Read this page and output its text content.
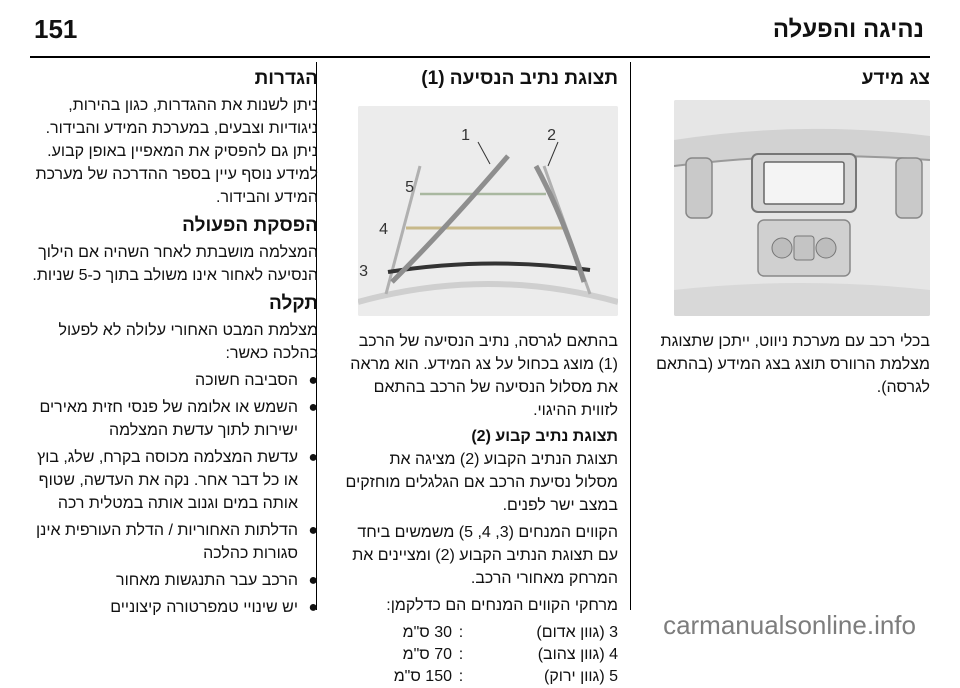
151	נהיגה והפעלה
צג מידע
בכלי רכב עם מערכת ניווט, ייתכן שתצוגת מצלמת הרוורס תוצג בצג המידע (בהתאם לגרסה).
תצוגת נתיב הנסיעה (1)
1	2
3
4
5
בהתאם לגרסה, נתיב הנסיעה של הרכב (1) מוצג בכחול על צג המידע. הוא מראה את מסלול הנסיעה של הרכב בהתאם לזווית ההיגוי.
תצוגת נתיב קבוע (2)
תצוגת הנתיב הקבוע (2) מציגה את מסלול נסיעת הרכב אם הגלגלים מוחזקים במצב ישר לפנים.
הקווים המנחים (3, 4, 5) משמשים ביחד עם תצוגת הנתיב הקבוע (2) ומציינים את המרחק מאחורי הרכב.
מרחקי הקווים המנחים הם כדלקמן:
3 (גוון אדום)
:
30 ס"מ
4 (גוון צהוב)
:
70 ס"מ
5 (גוון ירוק)
:
150 ס"מ
הגדרות
ניתן לשנות את ההגדרות, כגון בהירות, ניגודיות וצבעים, במערכת המידע והבידור. ניתן גם להפסיק את המאפיין באופן קבוע. למידע נוסף עיין בספר ההדרכה של מערכת המידע והבידור.
הפסקת הפעולה
המצלמה מושבתת לאחר השהיה אם הילוך הנסיעה לאחור אינו משולב בתוך כ-5 שניות.
תקלה
מצלמת המבט האחורי עלולה לא לפעול כהלכה כאשר:
●
הסביבה חשוכה
●
השמש או אלומה של פנסי חזית מאירים ישירות לתוך עדשת המצלמה
●
עדשת המצלמה מכוסה בקרח, שלג, בוץ או כל דבר אחר. נקה את העדשה, שטוף אותה במים וגנוב אותה במטלית רכה
●
הדלתות האחוריות / הדלת העורפית אינן סגורות כהלכה
●
הרכב עבר התנגשות מאחור
●
יש שינויי טמפרטורה קיצוניים
carmanualsonline.info
